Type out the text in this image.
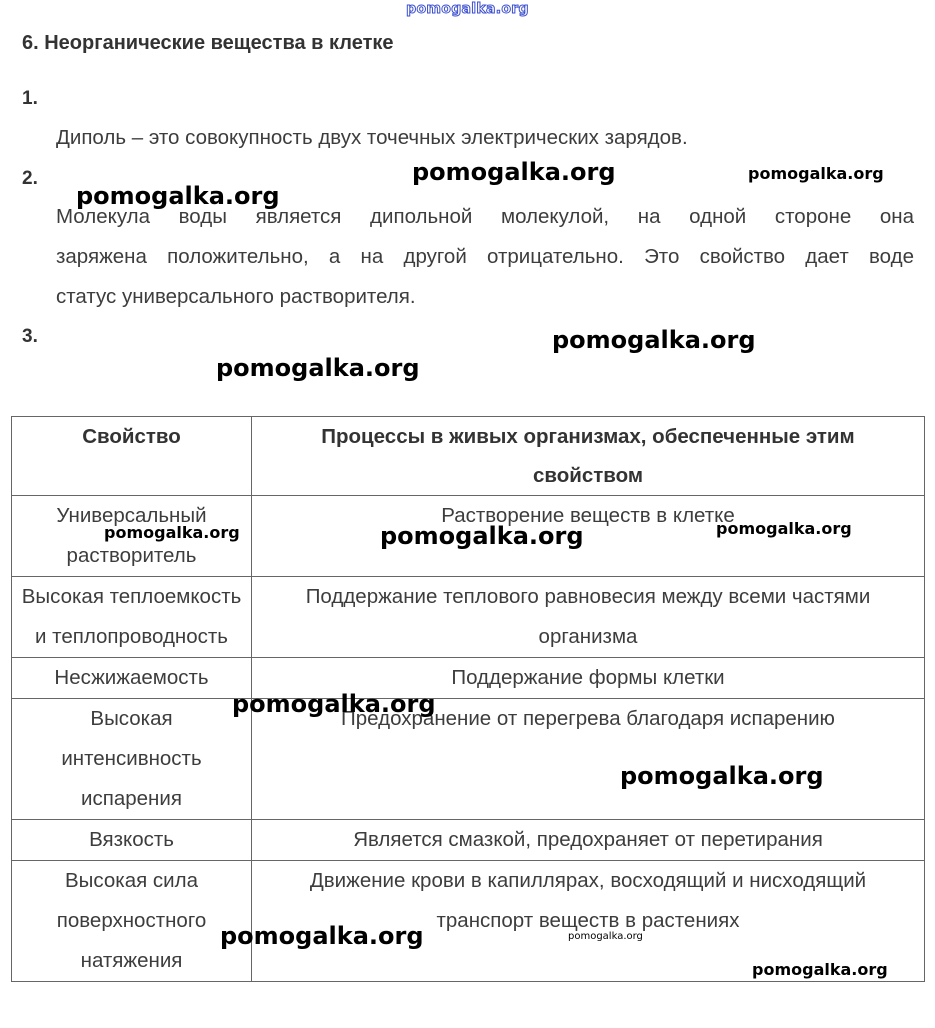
pomogalka.org
6. Неорганические вещества в клетке
1.
Диполь – это совокупность двух точечных электрических зарядов.
2.
Молекула воды является дипольной молекулой, на одной стороне она
заряжена положительно, а на другой отрицательно. Это свойство дает воде
статус универсального растворителя.
3.
Свойство	Процессы в живых организмах, обеспеченные этим свойством
Универсальный растворитель	Растворение веществ в клетке
Высокая теплоемкость и теплопроводность	Поддержание теплового равновесия между всеми частями организма
Несжижаемость	Поддержание формы клетки
Высокая интенсивность испарения	Предохранение от перегрева благодаря испарению
Вязкость	Является смазкой, предохраняет от перетирания
Высокая сила поверхностного натяжения	Движение крови в капиллярах, восходящий и нисходящий транспорт веществ в растениях
pomogalka.org
pomogalka.org	pomogalka.org
pomogalka.org
pomogalka.org
pomogalka.org	pomogalka.org	pomogalka.org
pomogalka.org
pomogalka.org
pomogalka.org	pomogalka.org
pomogalka.org
